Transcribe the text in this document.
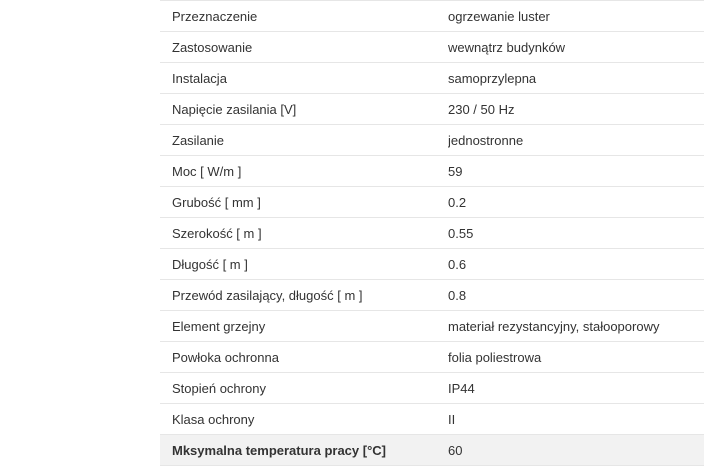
Przeznaczenie	ogrzewanie luster
Zastosowanie	wewnątrz budynków
Instalacja	samoprzylepna
Napięcie zasilania [V]	230 / 50 Hz
Zasilanie	jednostronne
Moc [ W/m ]	59
Grubość [ mm ]	0.2
Szerokość [ m ]	0.55
Długość [ m ]	0.6
Przewód zasilający, długość [ m ]	0.8
Element grzejny	materiał rezystancyjny, stałooporowy
Powłoka ochronna	folia poliestrowa
Stopień ochrony	IP44
Klasa ochrony	II
Mksymalna temperatura pracy [°C]	60
